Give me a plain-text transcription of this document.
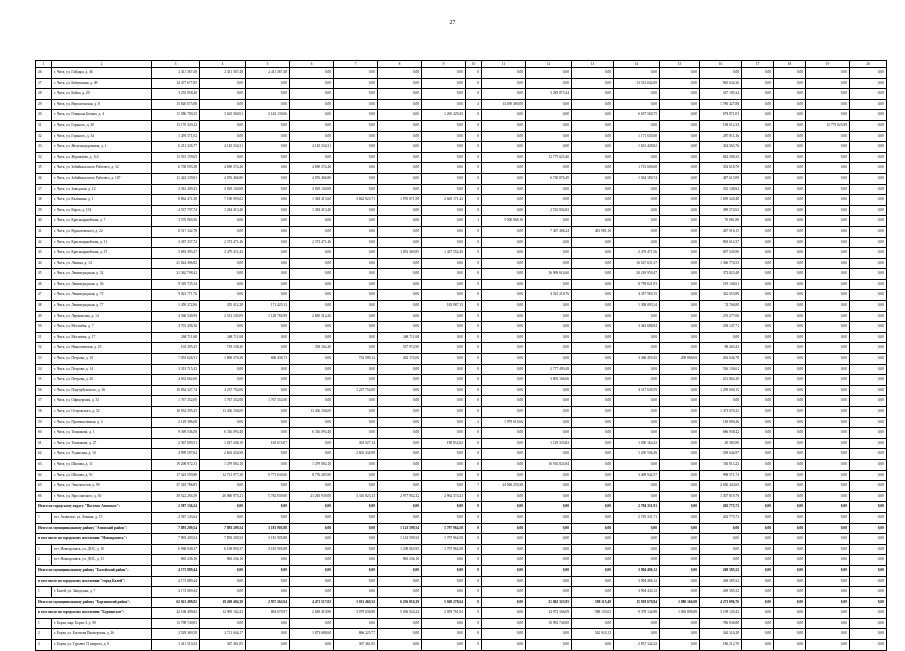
27
1	2	3	4	5	6	7	8	9	10	11	12	13	14	15	16	17	18	19	20
26	г. Чита, ул. Гайдара, д. 46	2 411 367,48	2 411 367,48	2 411 367,48	0,00	0,00	0,00	0,00	0	0,00	0,00	0,00	0,00	0,00	0,00	0,00	0,00	0,00	0,00
27	г. Чита, ул. Бабушкина, д. 49	14 477 677,85	0,00	0,00	0,00	0,00	0,00	0,00	0	0,00	0,00	0,00	13 512 042,69	0,00	965 634,36	0,00	0,00	0,00	0,00
28	г. Чита, ул. Бойко, д. 20	3 255 058,40	0,00	0,00	0,00	0,00	0,00	0,00	0	0,00	3 285 873,44	0,00	0,00	0,00	347 185,34	0,00	0,00	0,00	0,00
29	г. Чита, ул. Верхоленская, д. 8	15 820 075,88	0,00	0,00	0,00	0,00	0,00	0,00	4	14 039 480,00	0,00	0,00	0,00	0,00	1 780 427,88	0,00	0,00	0,00	0,00
30	г. Чита, ул. Генерала Белика, д. 4	11 586 790,25	3 625 560,61	2 163 130,66	0,00	0,00	0,00	1 265 429,45	0	0,00	0,00	0,00	6 657 560,75	0,00	678 871,03	0,00	0,00	0,00	0,00
31	г. Чита, ул. Горького, д. 30	13 176 320,32	0,00	0,00	0,00	0,00	0,00	0,00	0	0,00	0,00	0,00	0,00	0,00	108 612,33	0,00	0,00	12 775 623,99	0,00
32	г. Чита, ул. Горького, д. 34	1 459 571,02	0,00	0,00	0,00	0,00	0,00	0,00	0	0,00	0,00	0,00	1 171 635,60	0,00	287 811,36	0,00	0,00	0,00	0,00
33	г. Чита, ул. Железнодорожная, д. 1	6 211 326,77	4 145 334,31	0,00	4 145 334,31	0,00	0,00	0,00	0	0,00	0,00	0,00	1 631 428,82	0,00	434 563,76	0,00	0,00	0,00	0,00
34	г. Чита, ул. Журавлёва, д. 114	13 591 159,65	0,00	0,00	0,00	0,00	0,00	0,00	0	0,00	12 775 823,40	0,00	0,00	0,00	844 390,25	0,00	0,00	0,00	0,00
35	г. Чита, ул. Забайкальского Рабочего, д. 32	6 758 593,38	4 690 374,26	0,00	4 690 374,26	0,00	0,00	0,00	0	0,00	0,00	0,00	1 713 600,68	0,00	354 618,76	0,00	0,00	0,00	0,00
36	г. Чита, ул. Забайкальского Рабочего, д. 107	11 424 139,81	4 076 466,80	0,00	4 076 466,80	0,00	0,00	0,00	0	0,00	6 730 876,49	0,00	1 564 189,74	0,00	487 613,89	0,00	0,00	0,00	0,00
37	г. Чита, ул. Заводская, д. 12	3 361 209,33	3 029 130,08	0,00	3 029 130,08	0,00	0,00	0,00	0	0,00	0,00	0,00	0,00	0,00	332 148,82	0,00	0,00	0,00	0,00
38	г. Чита, ул. Калинина, д. 1	8 862 471,30	7 100 093,02	0,00	1 384 413,60	3 842 923,71	1 970 871,58	2 665 171,42	0	0,00	0,00	0,00	0,00	0,00	1 659 320,48	0,00	0,00	0,00	0,00
39	г. Чита, ул. Карла, д. 154	4 537 797,74	1 264 413,40	0,00	1 384 413,40	0,00	0,00	0,00	0	0,00	2 743 804,82	0,00	0,00	0,00	389 572,62	0,00	0,00	0,00	0,00
40	г. Чита, ул. Красноармейская, д. 7	3 570 960,36	0,00	0,00	0,00	0,00	0,00	0,00	1	3 500 868,18	0,00	0,00	0,00	0,00	70 081,88	0,00	0,00	0,00	0,00
41	г. Чита, ул. Курнатовского, д. 22	8 317 342,78	0,00	0,00	0,00	0,00	0,00	0,00	0	0,00	7 367 486,24	481 981,16	0,00	0,00	467 916,15	0,00	0,00	0,00	0,00
42	г. Чита, ул. Красноармейская, д. 11	3 367 337,72	2 373 471,46	0,00	2 373 471,46	0,00	0,00	0,00	0	0,00	0,00	0,00	0,00	0,00	893 614,37	0,00	0,00	0,00	0,00
43	г. Чита, ул. Красноармейская, д. 37	5 683 393,47	2 479 311,44	0,00	0,00	0,00	1 052 469,85	1 427 552,40	0	0,00	0,00	0,00	2 479 471,56	0,00	697 545,96	0,00	0,00	0,00	0,00
44	г. Чита, ул. Ленина, д. 14	21 024 496,82	0,00	0,00	0,00	0,00	0,00	0,00	0	0,00	0,00	0,00	16 527 631,37	0,00	1 366 774,53	0,00	0,00	0,00	0,00
45	г. Чита, ул. Ленинградская, д. 32	21 362 798,42	0,00	0,00	0,00	0,00	0,00	0,00	0	0,00	16 909 614,60	0,00	20 218 959,47	0,00	373 823,48	0,00	0,00	0,00	0,00
46	г. Чита, ул. Ленинградская, д. 36	9 318 735,34	0,00	0,00	0,00	0,00	0,00	0,00	0	0,00	0,00	0,00	8 799 621,93	0,00	519 146,61	0,00	0,00	0,00	0,00
47	г. Чита, ул. Ленинградская, д. 75	9 023 771,76	0,00	0,00	0,00	0,00	0,00	0,00	0	0,00	4 325 218,76	0,00	4 357 969,15	0,00	342 653,89	0,00	0,00	0,00	0,00
48	г. Чита, ул. Ленинградская, д. 77	1 459 272,86	355 412,28	171 425,13	0,00	0,00	0,00	183 987,15	0	0,00	0,00	0,00	1 308 095,34	0,00	74 766,80	0,00	0,00	0,00	0,00
49	г. Чита, ул. Лермонтова, д. 14	4 366 540,99	2 513 345,09	1 128 784,99	2 685 314,20	0,00	0,00	0,00	0	0,00	0,00	0,00	0,00	0,00	253 277,00	0,00	0,00	0,00	0,00
50	г. Чита, ул. Могилёва, д. 7	3 701 436,36	0,00	0,00	0,00	0,00	0,00	0,00	0	0,00	0,00	0,00	3 443 688,84	0,00	258 147,71	0,00	0,00	0,00	0,00
51	г. Чита, ул. Могилёва, д. 17	268 711,68	268 711,68	0,00	0,00	0,00	268 711,68	0,00	0	0,00	0,00	0,00	0,00	0,00	0,00	0,00	0,00	0,00	0,00
52	г. Чита, ул. Николаевская, д. 25	102 395,25	718 138,40	0,00	338 162,40	0,00	537 972,90	0,00	0	0,00	0,00	0,00	0,00	0,00	88 263,43	0,00	0,00	0,00	0,00
53	г. Чита, ул. Петрова, д. 10	7 053 626,51	1 869 376,38	696 438,73	0,00	733 399,12	402 172,06	0,00	0	0,00	0,00	0,00	3 366 459,45	209 868,69	263 646,78	0,00	0,00	0,00	0,00
54	г. Чита, ул. Петрова, д. 14	3 313 715,43	0,00	0,00	0,00	0,00	0,00	0,00	0	0,00	2 777 499,48	0,00	0,00	0,00	536 136,61	0,00	0,00	0,00	0,00
55	г. Чита, ул. Петрова, д. 20	4 033 062,60	0,00	0,00	0,00	0,00	0,00	0,00	0	0,00	3 803 166,66	0,00	0,00	0,00	231 862,29	0,00	0,00	0,00	0,00
56	г. Чита, ул. Подгорбунского, д. 16	10 854 327,74	4 237 754,00	0,00	0,00	1 237 754,00	0,00	0,00	0	0,00	0,00	0,00	4 317 639,59	0,00	1 299 694,15	0,00	0,00	0,00	0,00
57	г. Чита, ул. Офицерская, д. 33	1 767 352,00	1 767 352,00	1 767 352,00	0,00	0,00	0,00	0,00	0	0,00	0,00	0,00	0,00	0,00	0,00	0,00	0,00	0,00	0,00
58	г. Чита, ул. Островского, д. 52	16 932 395,25	13 436 336,00	0,00	13 436 336,00	0,00	0,00	0,00	0	0,00	0,00	0,00	0,00	0,00	1 473 676,32	0,00	0,00	0,00	0,00
59	г. Чита, ул. Промышленная, д. 2	2 129 386,08	0,00	0,00	0,00	0,00	0,00	0,00	2	1 979 610,66	0,00	0,00	0,00	0,00	149 690,46	0,00	0,00	0,00	0,00
60	г. Чита, ул. Токмакова, д. 1	9 369 536,58	6 316 093,40	0,00	6 316 093,40	0,00	0,00	0,00	0	0,00	0,00	0,00	0,00	0,00	686 838,42	0,00	0,00	0,00	0,00
61	г. Чита, ул. Токмакова, д. 27	2 367 699,51	1 027 448,19	163 674,07	0,00	303 927,14	0,00	198 852,02	0	0,00	1 129 333,82	0,00	1 030 164,42	0,00	20 383,99	0,00	0,00	0,00	0,00
62	г. Чита, ул. Угданская, д. 10	4 999 597,62	2 602 434,98	0,00	0,00	2 602 434,98	0,00	0,00	0	0,00	0,00	0,00	1 250 536,49	0,00	338 644,97	0,00	0,00	0,00	0,00
63	г. Чита, ул. Шилова, д. 11	19 208 972,33	1 479 682,10	0,00	1 479 682,10	0,00	0,00	0,00	0	0,00	16 592 823,84	0,00	0,00	0,00	740 813,23	0,00	0,00	0,00	0,00
64	г. Чита, ул. Шилова, д. 91	17 323 559,88	12 721 977,28	9 771 630,06	8 776 283,90	0,00	0,00	0,00	0	0,00	0,00	0,00	3 409 942,57	0,00	998 571,74	0,00	0,00	0,00	0,00
65	г. Чита, ул. Энтузиастов, д. 99	27 310 786,85	0,00	0,00	0,00	0,00	0,00	0,00	7	24 560 259,28	0,00	0,00	0,00	0,00	2 650 443,65	0,00	0,00	0,00	0,00
66	г. Чита, ул. Ярославского, д. 30	30 522 294,39	26 060 975,21	5 782 839,00	21 265 939,00	3 316 825,13	2 977 952,32	2 962 374,41	0	0,00	0,00	0,00	0,00	0,00	1 307 819,79	0,00	0,00	0,00	0,00
Итого по городскому округу "Поселок Агинское":		2 587 136,24	0,00	0,00	0,00	0,00	0,00	0,00	0	0,00	0,00	0,00	2 784 331,91	0,00	202 775,73	0,00	0,00	0,00	0,00
1	пгт. Агинское, ул. Ленина, д. 15	2 587 143,64	0,00	0,00	0,00	0,00	0,00	0,00	0	0,00	0,00	0,00	2 745 331,71	0,00	202 775,73	0,00	0,00	0,00	0,00
Итого по муниципальному району "Агинский район":		7 893 209,54	7 893 209,54	3 181 905,88	0,00	0,00	1 123 599,54	1 797 964,58	0	0,00	0,00	0,00	0,00	0,00	0,00	0,00	0,00	0,00	0,00
в том числе по городскому поселению "Новоорловск":		7 893 209,54	7 893 209,54	3 181 905,88	0,00	0,00	1 123 599,54	1 797 964,58	0	0,00	0,00	0,00	0,00	0,00	0,00	0,00	0,00	0,00	0,00
1	пгт. Новоорловск, ул. ДОС, д. 10	6 968 049,37	6 169 903,37	3 181 905,88	0,00	0,00	1 258 063,95	1 797 964,58	0	0,00	0,00	0,00	0,00	0,00	0,00	0,00	0,00	0,00	0,00
2	пгт. Новоорловск, ул. ДОС, д. 11	865 236,16	865 236,16	0,00	0,00	0,00	865 236,16	0,00	0	0,00	0,00	0,00	0,00	0,00	0,00	0,00	0,00	0,00	0,00
Итого по муниципальному району "Балейский район":		4 173 889,44	0,00	0,00	0,00	0,00	0,00	0,00	0	0,00	0,00	0,00	3 904 496,12	0,00	269 585,52	0,00	0,00	0,00	0,00
в том числе по городскому поселению "город Балей":		4 173 889,44	0,00	0,00	0,00	0,00	0,00	0,00	0	0,00	0,00	0,00	3 904 496,12	0,00	269 585,52	0,00	0,00	0,00	0,00
1	г. Балей, ул. Заводская, д. 7	4 173 069,44	0,00	0,00	0,00	0,00	0,00	0,00	0	0,00	0,00	0,00	3 904 434,12	0,00	269 585,32	0,00	0,00	0,00	0,00
Итого по муниципальному району "Борзинский район":		62 021 499,82	19 269 494,30	2 937 262,04	4 471 517,02	3 013 460,32	6 256 816,39	5 049 278,64	0	0,00	21 862 323,95	580 115,48	15 818 670,84	1 080 166,08	4 273 096,76	0,00	0,00	0,00	0,00
в том числе по городскому поселению "Борзинское":		42 168 499,82	12 995 162,22	864 670,97	2 649 419,88	3 079 630,88	5 036 924,24	2 059 761,04	0	0,00	14 972 166,09	588 135,02	9 378 144,88	1 065 896,88	3 199 145,42	0,00	0,00	0,00	0,00
1	г. Борзя, мкр. Борзя-3, д. 90	13 798 740,81	0,00	0,00	0,00	0,00	0,00	0,00	0	0,00	10 992 740,00	0,00	0,00	0,00	786 936,80	0,00	0,00	0,00	0,00
2	г. Борзя, ул. Богатова Пионерская, д. 26	3 529 369,58	2 711 644,17	0,00	1 873 688,60	866 225,77	0,00	0,00	0	0,00	0,00	542 923,13	0,00	0,00	344 316,28	0,00	0,00	0,00	0,00
3	г. Борзя, ул. Гурьева 72 квартал, д. 9	3 411 510,43	367 461,05	0,00	0,00	367 461,05	0,00	0,00	0	0,00	0,00	0,00	2 837 342,42	0,00	186 212,78	0,00	0,00	0,00	0,00
